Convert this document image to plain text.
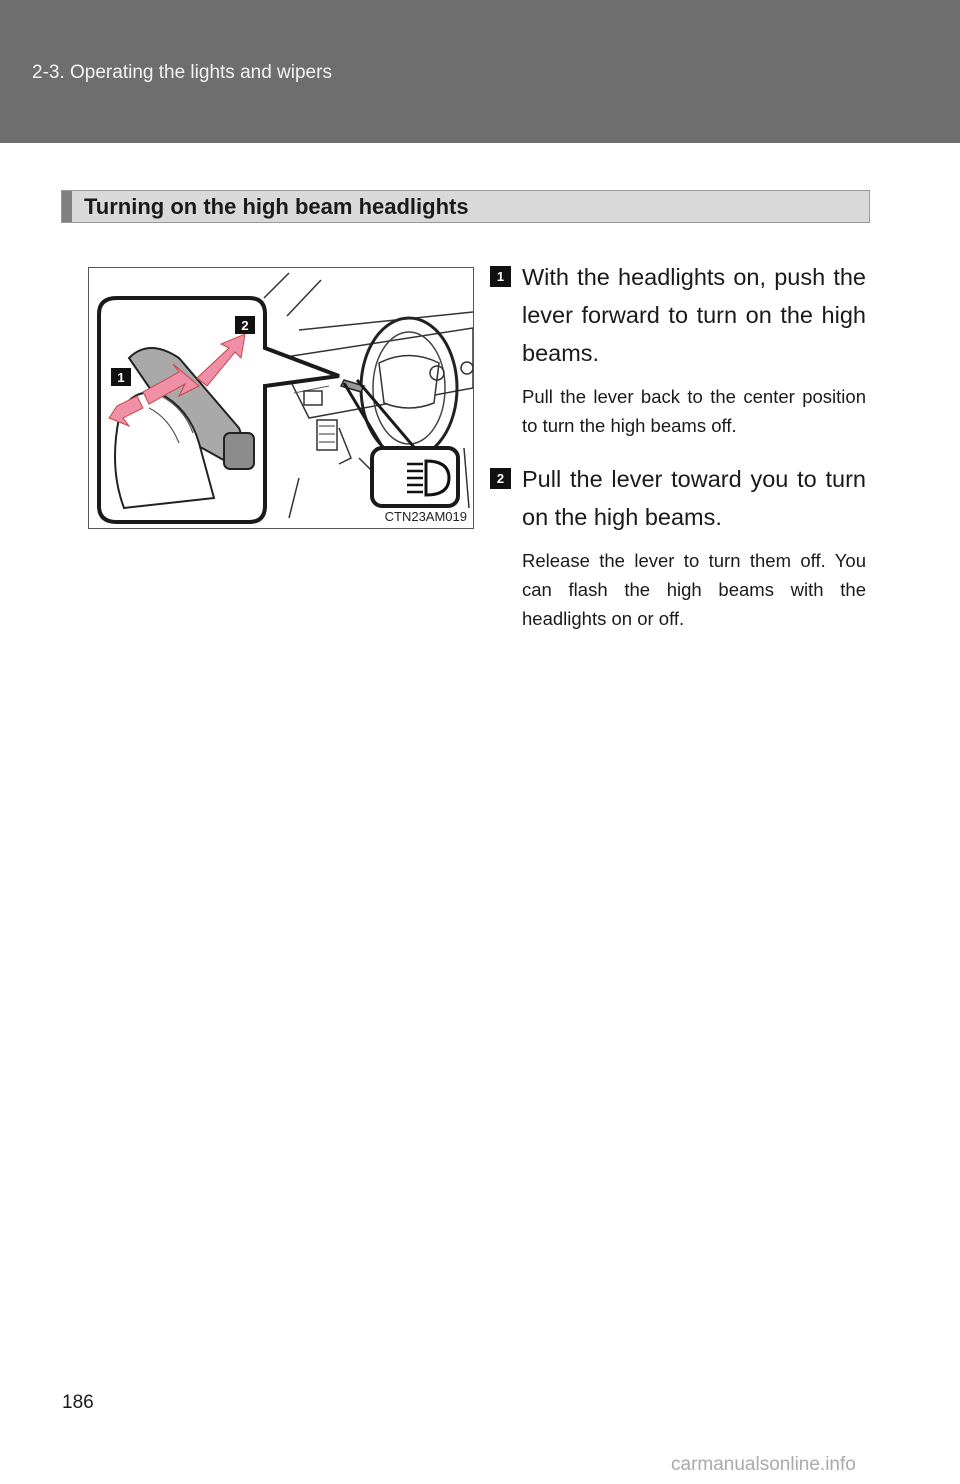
2-3. Operating the lights and wipers
Turning on the high beam headlights
1
2
CTN23AM019
1 With the headlights on, push the lever forward to turn on the high beams.
Pull the lever back to the center position to turn the high beams off.
2 Pull the lever toward you to turn on the high beams.
Release the lever to turn them off. You can flash the high beams with the headlights on or off.
186
carmanualsonline.info
